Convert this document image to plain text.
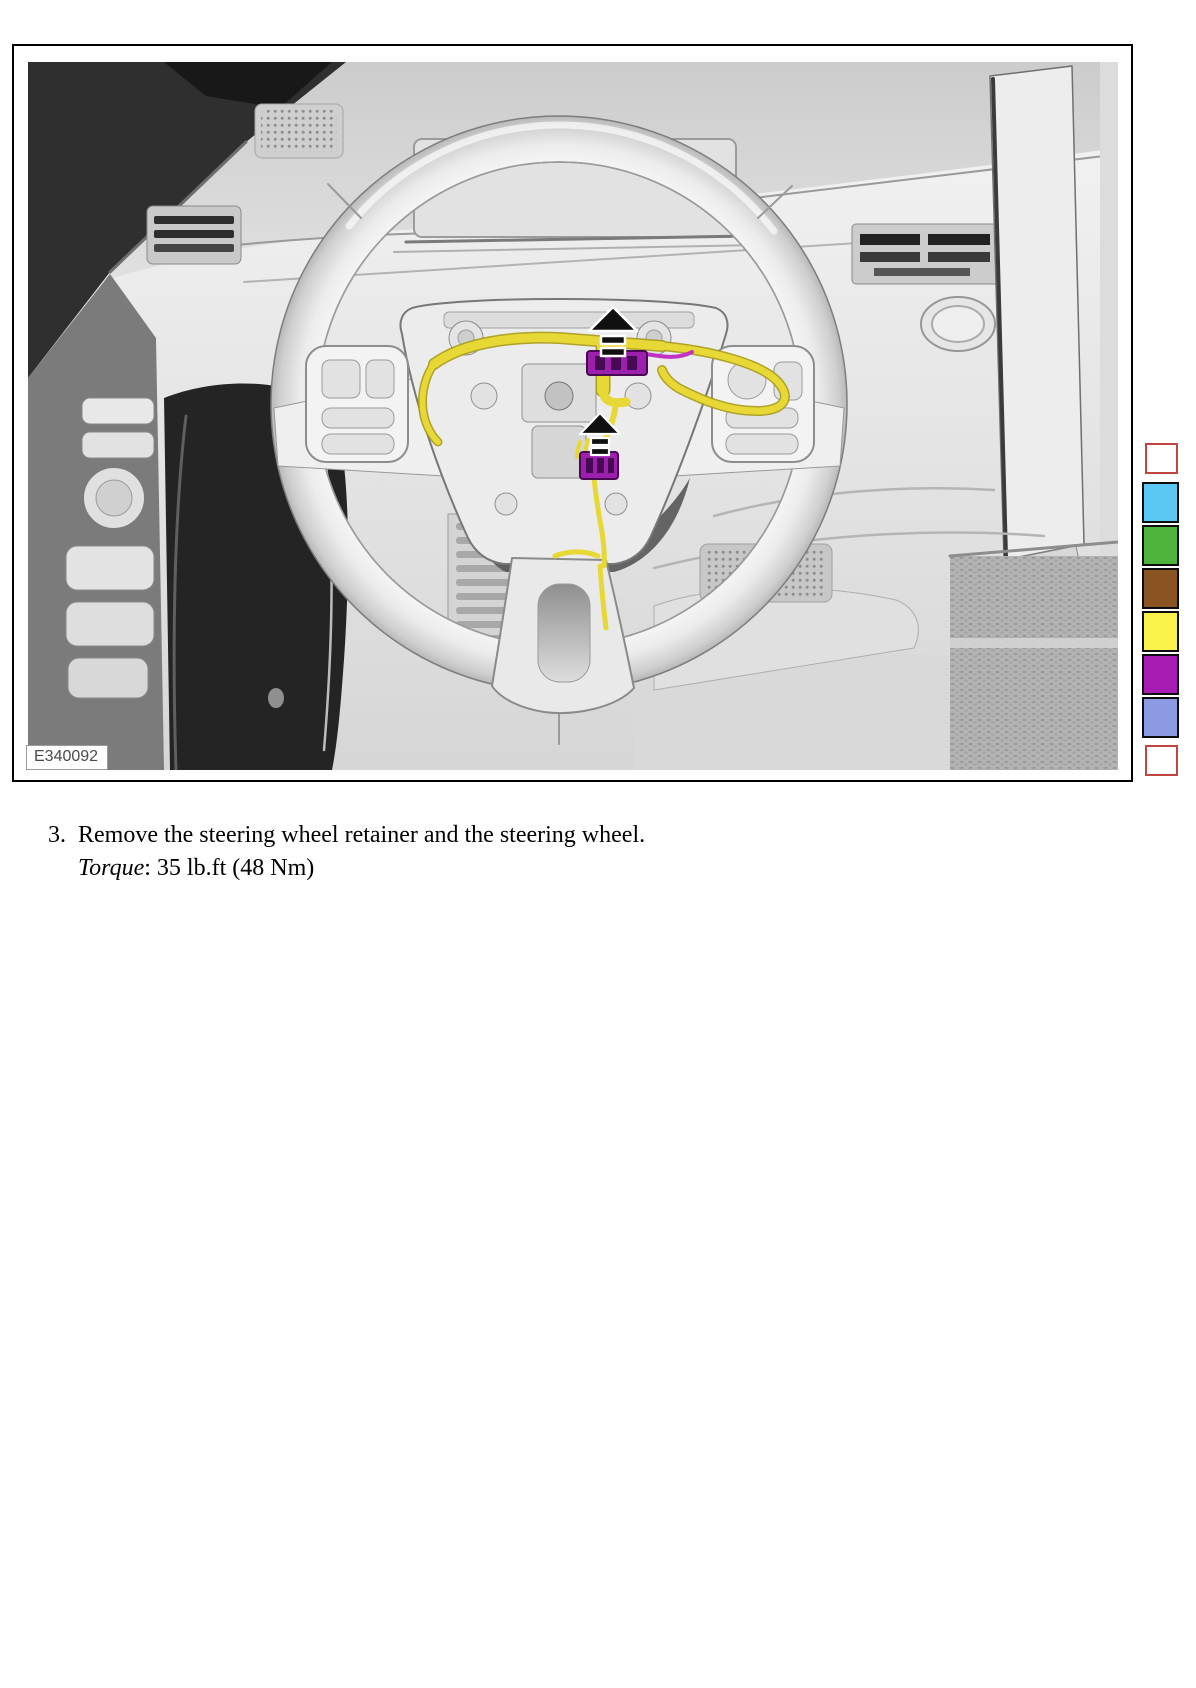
E340092
3. Remove the steering wheel retainer and the steering wheel.
Torque: 35 lb.ft (48 Nm)
